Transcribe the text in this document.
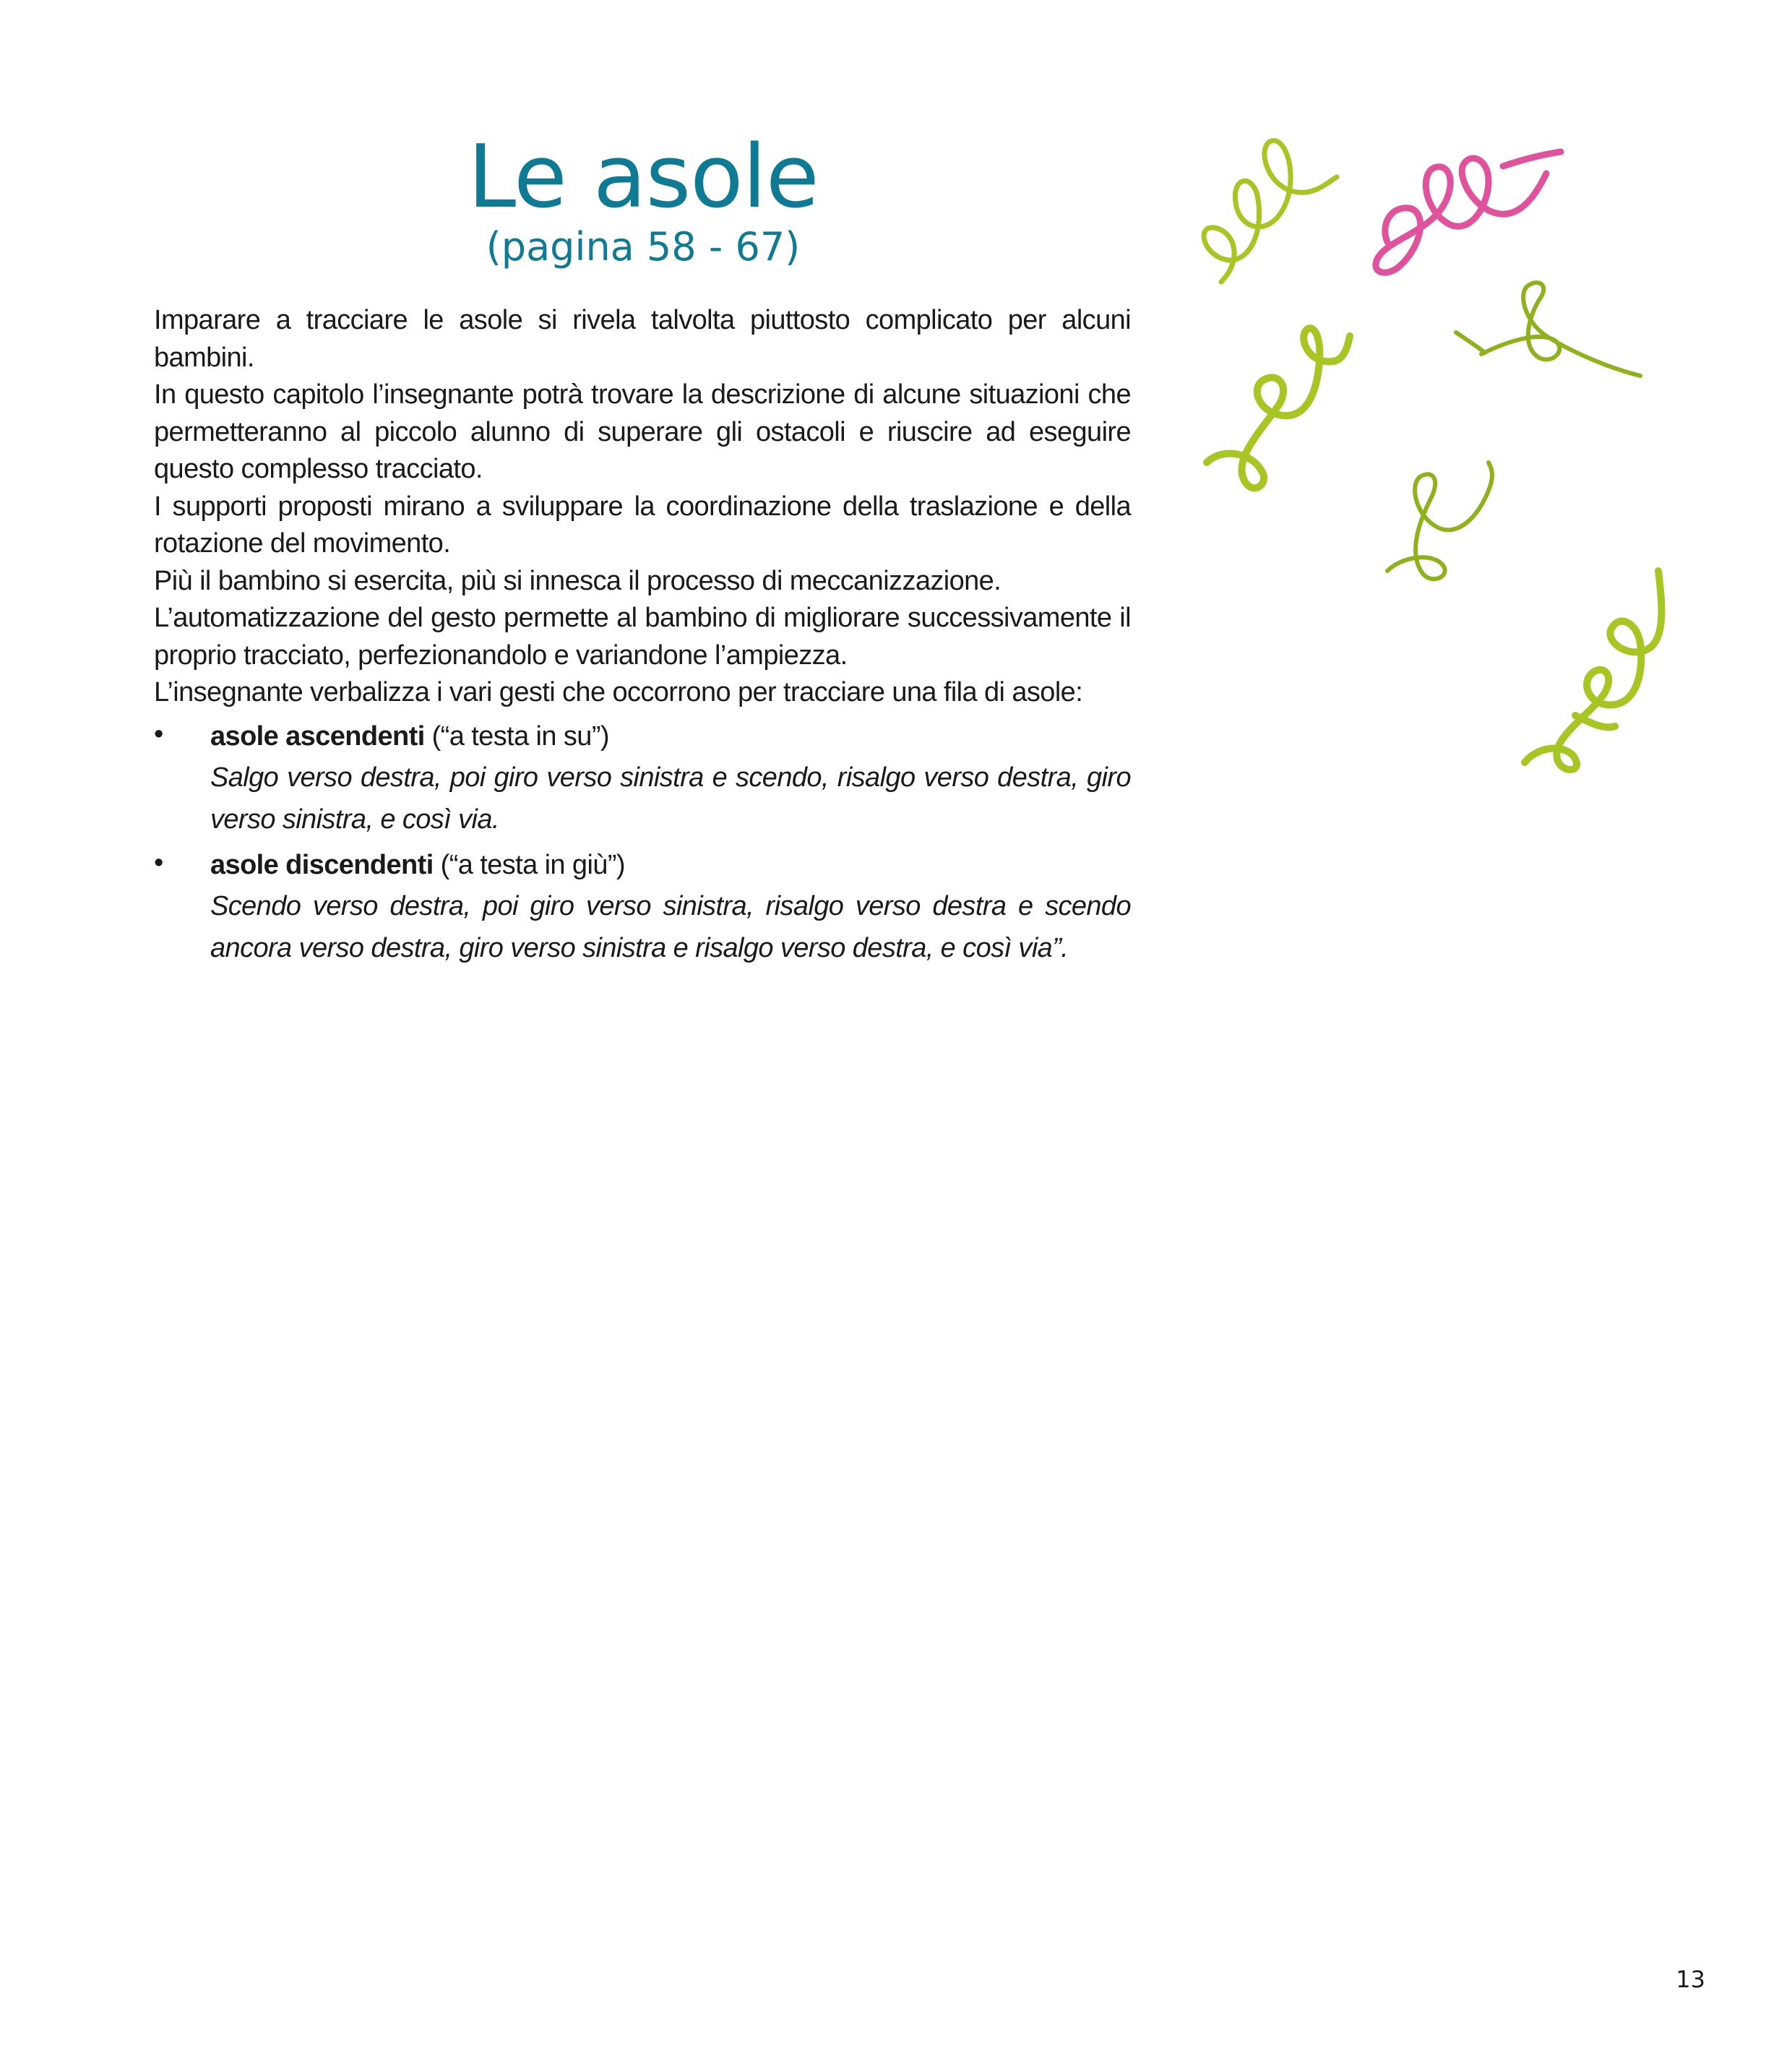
Le asole
(pagina 58 - 67)

Imparare a tracciare le asole si rivela talvolta piuttosto complicato per alcuni bambini.

In questo capitolo l’insegnante potrà trovare la descrizione di alcune situazioni che permetteranno al piccolo alunno di superare gli ostacoli e riuscire ad eseguire questo complesso tracciato.

I supporti proposti mirano a sviluppare la coordinazione della traslazione e della rotazione del movimento.

Più il bambino si esercita, più si innesca il processo di meccanizzazione.

L’automatizzazione del gesto permette al bambino di migliorare successivamente il proprio tracciato, perfezionandolo e variandone l’ampiezza.

L’insegnante verbalizza i vari gesti che occorrono per tracciare una fila di asole:

• asole ascendenti (“a testa in su”)
Salgo verso destra, poi giro verso sinistra e scendo, risalgo verso destra, giro verso sinistra, e così via.
• asole discendenti (“a testa in giù”)
Scendo verso destra, poi giro verso sinistra, risalgo verso destra e scendo ancora verso destra, giro verso sinistra e risalgo verso destra, e così via”.
13
